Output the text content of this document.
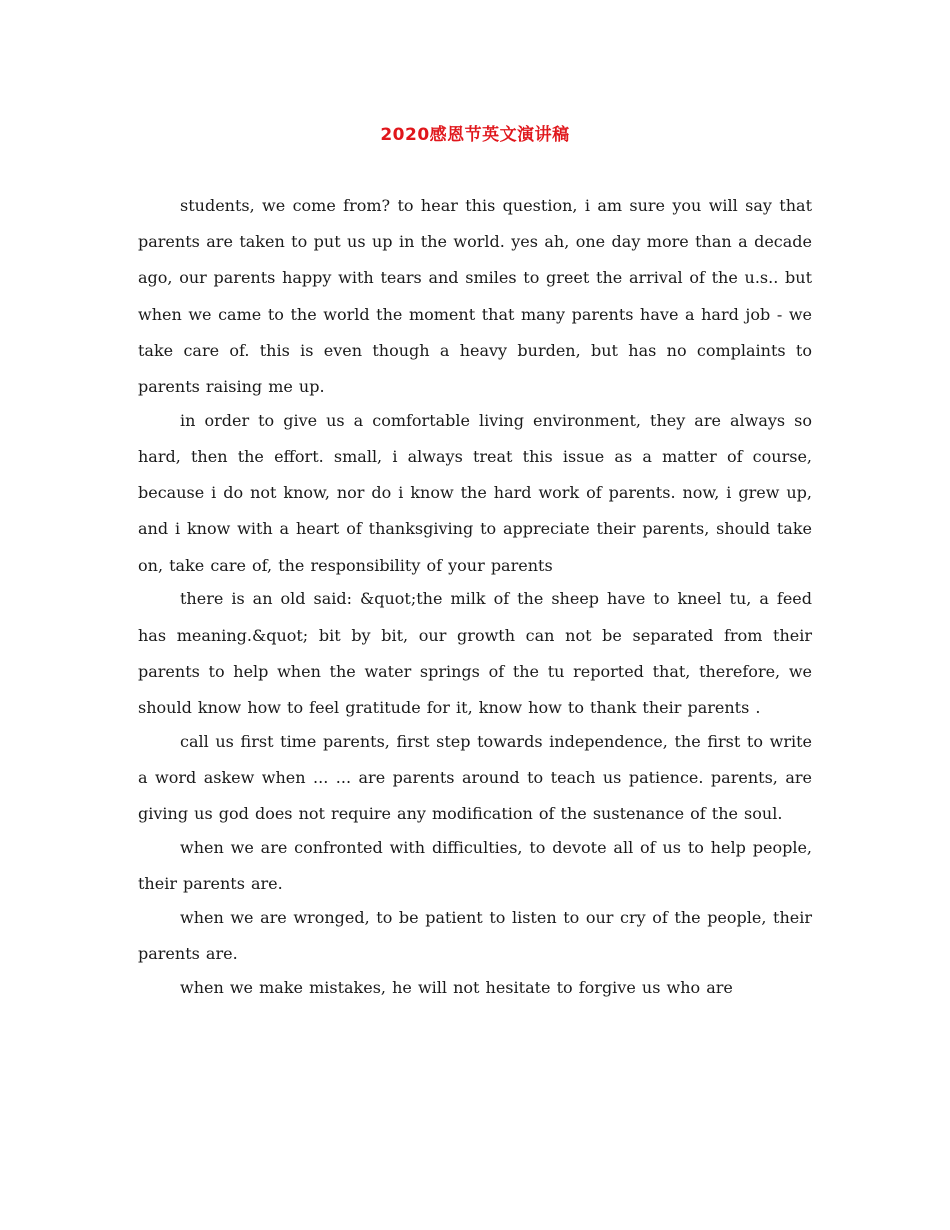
2020感恩节英文演讲稿

students, we come from? to hear this question, i am sure you will say that parents are taken to put us up in the world. yes ah, one day more than a decade ago, our parents happy with tears and smiles to greet the arrival of the u.s.. but when we came to the world the moment that many parents have a hard job - we take care of. this is even though a heavy burden, but has no complaints to parents raising me up.

in order to give us a comfortable living environment, they are always so hard, then the effort. small, i always treat this issue as a matter of course, because i do not know, nor do i know the hard work of parents. now, i grew up, and i know with a heart of thanksgiving to appreciate their parents, should take on, take care of, the responsibility of your parents

there is an old said: &quot;the milk of the sheep have to kneel tu, a feed has meaning.&quot; bit by bit, our growth can not be separated from their parents to help when the water springs of the tu reported that, therefore, we should know how to feel gratitude for it, know how to thank their parents .

call us first time parents, first step towards independence, the first to write a word askew when ... ... are parents around to teach us patience. parents, are giving us god does not require any modification of the sustenance of the soul.

when we are confronted with difficulties, to devote all of us to help people, their parents are.

when we are wronged, to be patient to listen to our cry of the people, their parents are.

when we make mistakes, he will not hesitate to forgive us who are
